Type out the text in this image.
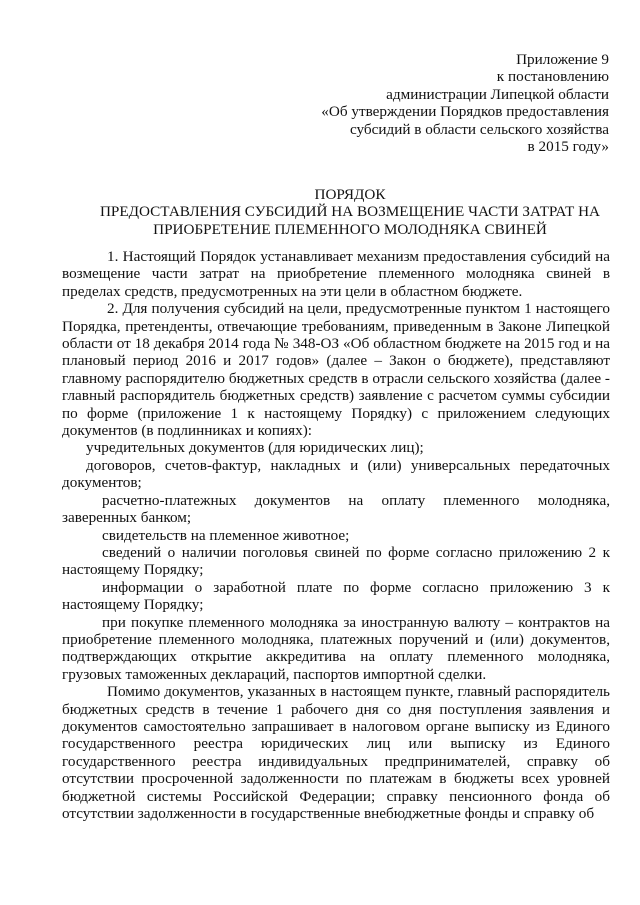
Приложение 9
к постановлению
администрации Липецкой области
«Об утверждении Порядков предоставления
субсидий в области сельского хозяйства
в 2015 году»
ПОРЯДОК
ПРЕДОСТАВЛЕНИЯ СУБСИДИЙ НА ВОЗМЕЩЕНИЕ ЧАСТИ ЗАТРАТ НА
ПРИОБРЕТЕНИЕ ПЛЕМЕННОГО МОЛОДНЯКА СВИНЕЙ

1. Настоящий Порядок устанавливает механизм предоставления субсидий на возмещение части затрат на приобретение племенного молодняка свиней в пределах средств, предусмотренных на эти цели в областном бюджете.

2. Для получения субсидий на цели, предусмотренные пунктом 1 настоящего Порядка, претенденты, отвечающие требованиям, приведенным в Законе Липецкой области от 18 декабря 2014 года № 348-ОЗ «Об областном бюджете на 2015 год и на плановый период 2016 и 2017 годов» (далее – Закон о бюджете), представляют главному распорядителю бюджетных средств в отрасли сельского хозяйства (далее - главный распорядитель бюджетных средств) заявление с расчетом суммы субсидии по форме (приложение 1 к настоящему Порядку) с приложением следующих документов (в подлинниках и копиях):

учредительных документов (для юридических лиц);

договоров, счетов-фактур, накладных и (или) универсальных передаточных документов;

расчетно-платежных документов на оплату племенного молодняка, заверенных банком;

свидетельств на племенное животное;

сведений о наличии поголовья свиней по форме согласно приложению 2 к настоящему Порядку;

информации о заработной плате по форме согласно приложению 3 к настоящему Порядку;

при покупке племенного молодняка за иностранную валюту – контрактов на приобретение племенного молодняка, платежных поручений и (или) документов, подтверждающих открытие аккредитива на оплату племенного молодняка, грузовых таможенных деклараций, паспортов импортной сделки.

Помимо документов, указанных в настоящем пункте, главный распорядитель бюджетных средств в течение 1 рабочего дня со дня поступления заявления и документов самостоятельно запрашивает в налоговом органе выписку из Единого государственного реестра юридических лиц или выписку из Единого государственного реестра индивидуальных предпринимателей, справку об отсутствии просроченной задолженности по платежам в бюджеты всех уровней бюджетной системы Российской Федерации; справку пенсионного фонда об отсутствии задолженности в государственные внебюджетные фонды и справку об
